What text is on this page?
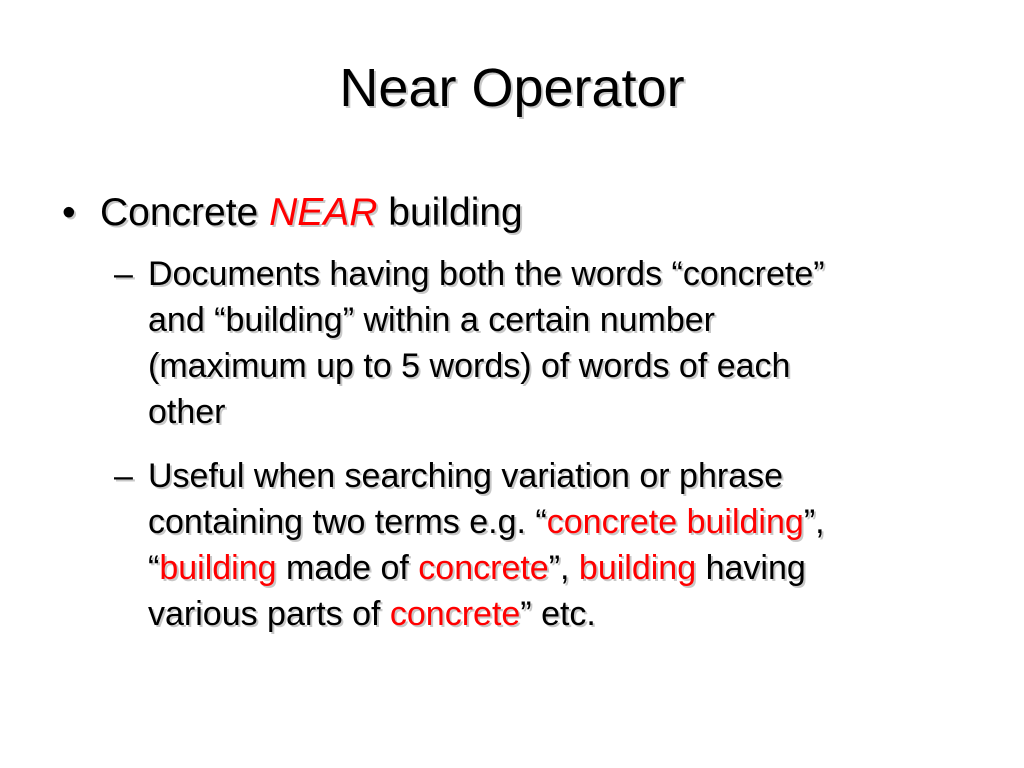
Near Operator
• Concrete NEAR building
– Documents having both the words “concrete”
and “building” within a certain number
(maximum up to 5 words) of words of each
other
– Useful when searching variation or phrase
containing two terms e.g. “concrete building”,
“building made of concrete”, building having
various parts of concrete” etc.
